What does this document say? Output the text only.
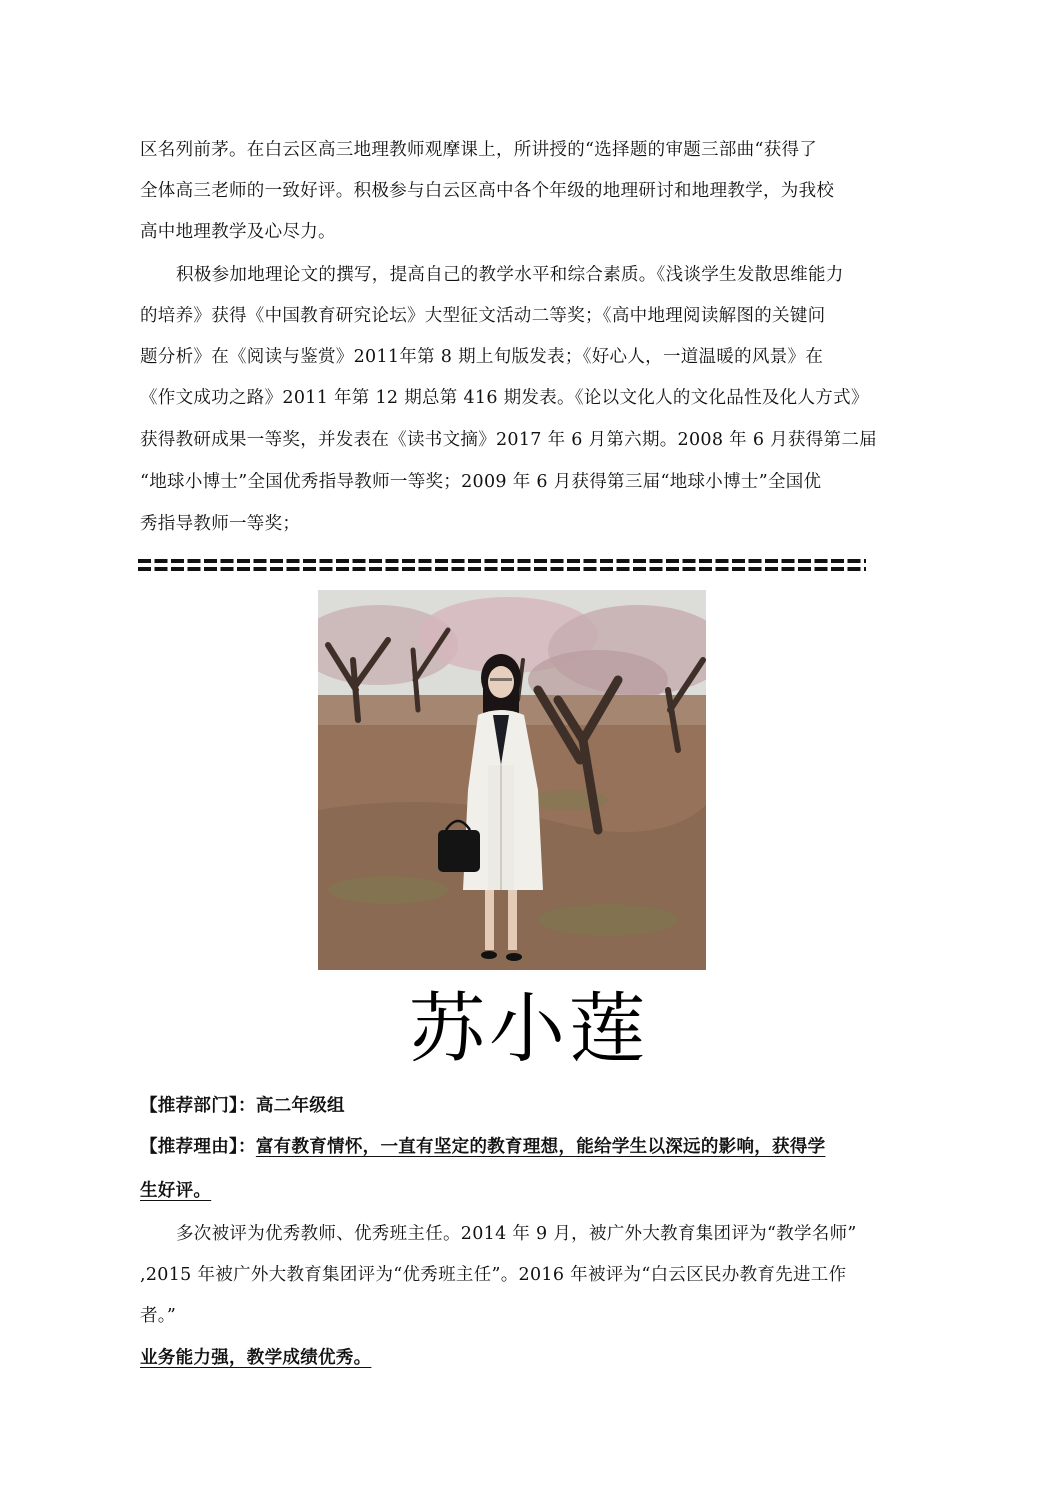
区名列前茅。在白云区高三地理教师观摩课上，所讲授的“选择题的审题三部曲“获得了
全体高三老师的一致好评。积极参与白云区高中各个年级的地理研讨和地理教学，为我校
高中地理教学及心尽力。
积极参加地理论文的撰写，提高自己的教学水平和综合素质。《浅谈学生发散思维能力
的培养》获得《中国教育研究论坛》大型征文活动二等奖；《高中地理阅读解图的关键问
题分析》在《阅读与鉴赏》2011年第 8 期上旬版发表；《好心人，一道温暖的风景》在
《作文成功之路》2011 年第 12 期总第 416 期发表。《论以文化人的文化品性及化人方式》
获得教研成果一等奖，并发表在《读书文摘》2017 年 6 月第六期。2008 年 6 月获得第二届
“地球小博士”全国优秀指导教师一等奖；2009 年 6 月获得第三届“地球小博士”全国优
秀指导教师一等奖；
苏小莲
【推荐部门】：高二年级组
【推荐理由】：富有教育情怀，一直有坚定的教育理想，能给学生以深远的影响，获得学
生好评。
多次被评为优秀教师、优秀班主任。2014 年 9 月，被广外大教育集团评为“教学名师”
,2015 年被广外大教育集团评为“优秀班主任”。2016 年被评为“白云区民办教育先进工作
者。”
业务能力强，教学成绩优秀。
